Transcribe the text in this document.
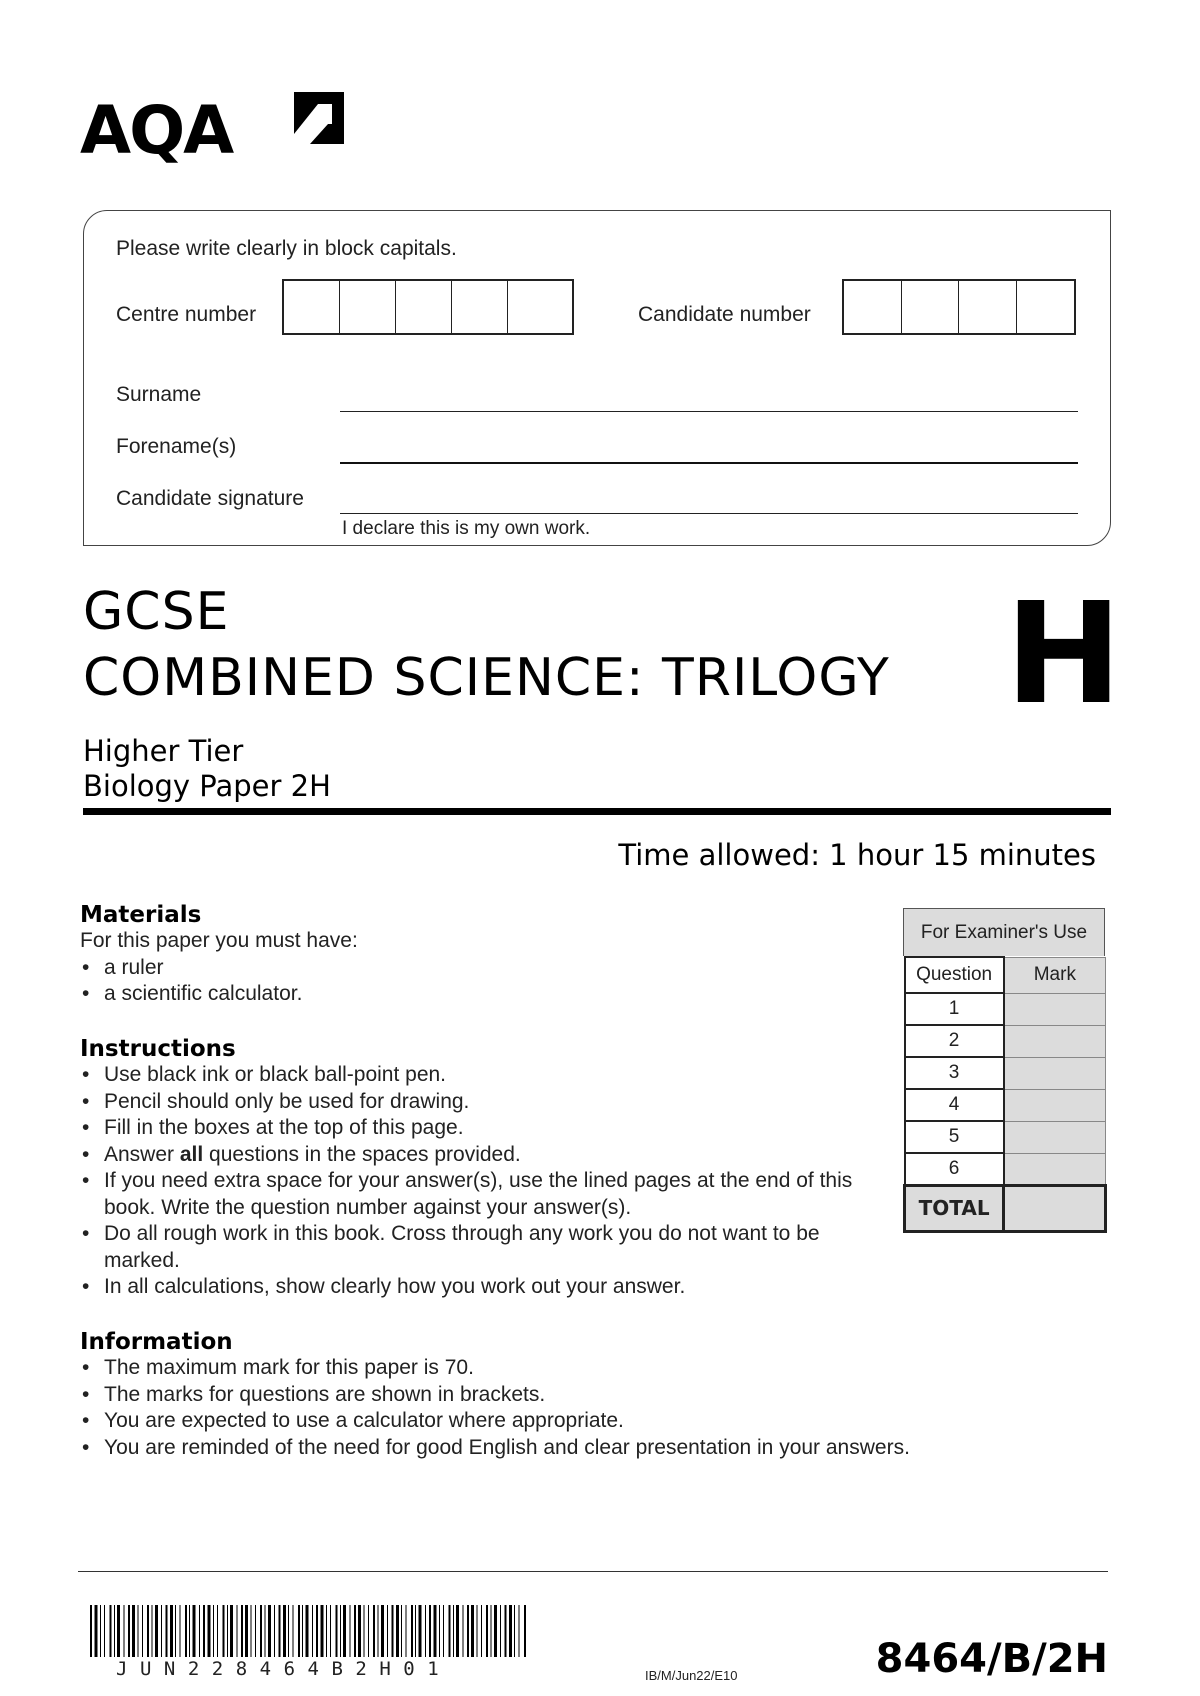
AQA
Please write clearly in block capitals.
Centre number	Candidate number
Surname
Forename(s)
Candidate signature
I declare this is my own work.
GCSE
COMBINED SCIENCE: TRILOGY H
Higher Tier
Biology Paper 2H
Time allowed: 1 hour 15 minutes
Materials
For this paper you must have:
• a ruler
• a scientific calculator.
Instructions
• Use black ink or black ball-point pen.
• Pencil should only be used for drawing.
• Fill in the boxes at the top of this page.
• Answer all questions in the spaces provided.
• If you need extra space for your answer(s), use the lined pages at the end of this book. Write the question number against your answer(s).
• Do all rough work in this book. Cross through any work you do not want to be marked.
• In all calculations, show clearly how you work out your answer.
Information
• The maximum mark for this paper is 70.
• The marks for questions are shown in brackets.
• You are expected to use a calculator where appropriate.
• You are reminded of the need for good English and clear presentation in your answers.
For Examiner's Use
Question	Mark
1	
2	
3	
4	
5	
6	
TOTAL	
JUN228464B2H01	IB/M/Jun22/E10	8464/B/2H
